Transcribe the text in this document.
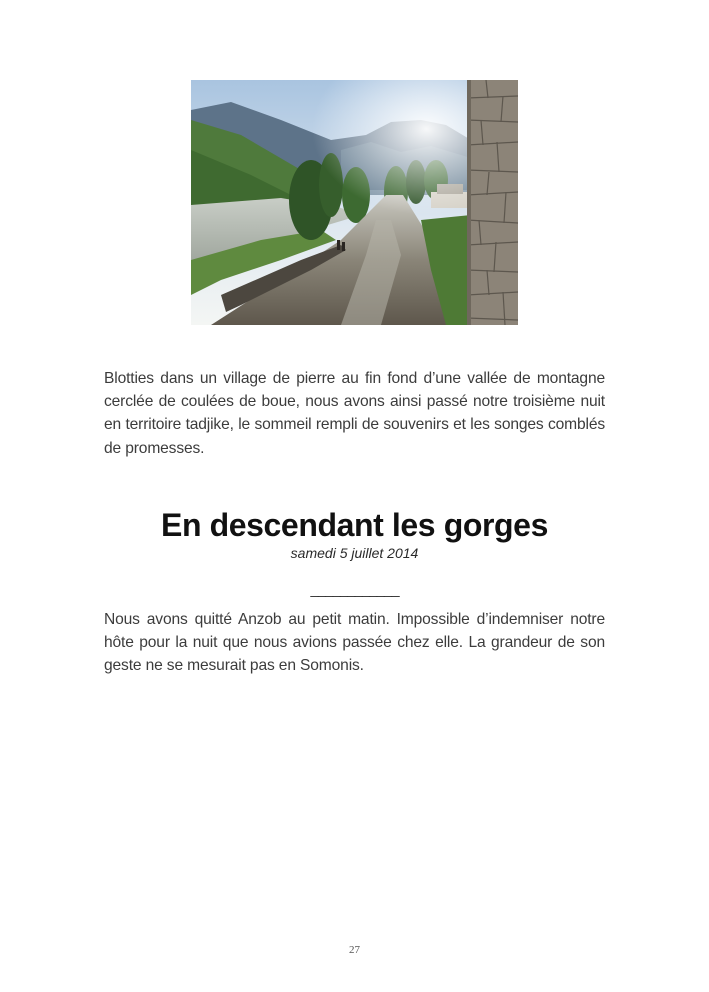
Blotties dans un village de pierre au fin fond d’une vallée de montagne cerclée de coulées de boue, nous avons ainsi passé notre troisième nuit en territoire tadjike, le sommeil rempli de souvenirs et les songes comblés de promesses.

En descendant les gorges
samedi 5 juillet 2014
____________

Nous avons quitté Anzob au petit matin. Impossible d’indemniser notre hôte pour la nuit que nous avions passée chez elle. La grandeur de son geste ne se mesurait pas en Somonis.

27
